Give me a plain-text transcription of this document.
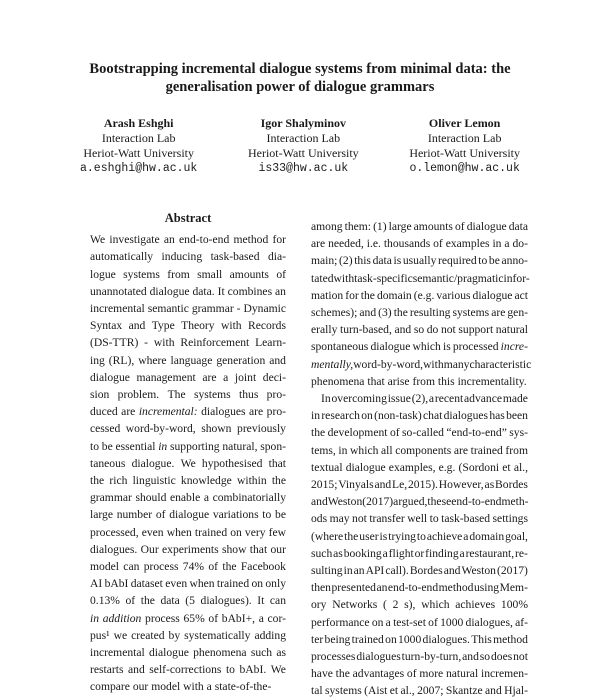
Bootstrapping incremental dialogue systems from minimal data: the
generalisation power of dialogue grammars
Arash Eshghi
Interaction Lab
Heriot-Watt University
a.eshghi@hw.ac.uk
Igor Shalyminov
Interaction Lab
Heriot-Watt University
is33@hw.ac.uk
Oliver Lemon
Interaction Lab
Heriot-Watt University
o.lemon@hw.ac.uk
Abstract
We investigate an end-to-end method for
automatically inducing task-based dia-
logue systems from small amounts of
unannotated dialogue data. It combines an
incremental semantic grammar - Dynamic
Syntax and Type Theory with Records
(DS-TTR) - with Reinforcement Learn-
ing (RL), where language generation and
dialogue management are a joint deci-
sion problem. The systems thus pro-
duced are incremental: dialogues are pro-
cessed word-by-word, shown previously
to be essential in supporting natural, spon-
taneous dialogue. We hypothesised that
the rich linguistic knowledge within the
grammar should enable a combinatorially
large number of dialogue variations to be
processed, even when trained on very few
dialogues. Our experiments show that our
model can process 74% of the Facebook
AI bAbI dataset even when trained on only
0.13% of the data (5 dialogues). It can
in addition process 65% of bAbI+, a cor-
pus¹ we created by systematically adding
incremental dialogue phenomena such as
restarts and self-corrections to bAbI. We
compare
our
model
with
a
state-of-the-
among them: (1) large amounts of dialogue data
are needed, i.e. thousands of examples in a do-
main; (2) this data is usually required to be anno-
tated with task-specific semantic/pragmatic infor-
mation for the domain (e.g. various dialogue act
schemes); and (3) the resulting systems are gen-
erally turn-based, and so do not support natural
spontaneous dialogue which is processed incre-
mentally, word-by-word, with many characteristic
phenomena
that
arise
from
this
incrementality.
In overcoming issue (2), a recent advance made
in research on (non-task) chat dialogues has been
the development of so-called “end-to-end” sys-
tems, in which all components are trained from
textual dialogue examples, e.g. (Sordoni et al.,
2015; Vinyals and Le, 2015). However, as Bordes
and Weston (2017) argued, these end-to-end meth-
ods may not transfer well to task-based settings
(where the user is trying to achieve a domain goal,
such as booking a flight or finding a restaurant, re-
sulting in an API call). Bordes and Weston (2017)
then presented an end-to-end method using Mem-
ory Networks ( 2 s), which achieves 100%
performance on a test-set of 1000 dialogues, af-
ter being trained on 1000 dialogues. This method
processes dialogues turn-by-turn, and so does not
have the advantages of more natural incremen-
tal systems (Aist et al., 2007; Skantze and Hjal-
